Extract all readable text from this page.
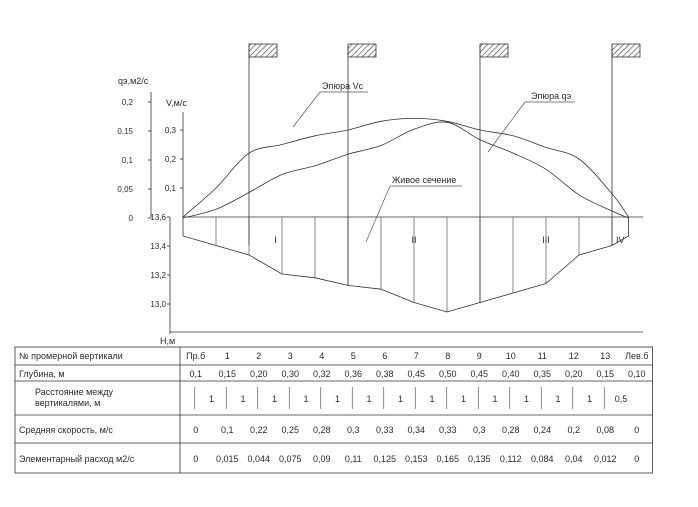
qэ,м2/с
0,2
0,15
0,1
0,05
0
V,м/с
0,3
0,2
0,1
Н,м
13,6
13,4
13,2
13,0
I	II	III	IV
Эпюра Vc
Эпюра qэ
Живое сечение
№ промерной вертикали	Пр.б 1	2	3	4	5	6	7	8	9	10 11 12 13 Лев.б
Глубина, м	0,1 0,15 0,20 0,30 0,32 0,36 0,38 0,45 0,50 0,45 0,40 0,35 0,20 0,15 0,10
Расстояние между
вертикалями, м	1	1	1	1	1	1	1	1	1	1	1	1	1	0,5
Средняя скорость, м/с	0	0,1 0,22 0,25 0,28 0,3 0,33 0,34 0,33 0,3 0,28 0,24 0,2 0,08 0
Элементарный расход м2/с	0 0,015 0,044 0,075 0,09 0,11 0,125 0,153 0,165 0,135 0,112 0,084 0,04 0,012 0
